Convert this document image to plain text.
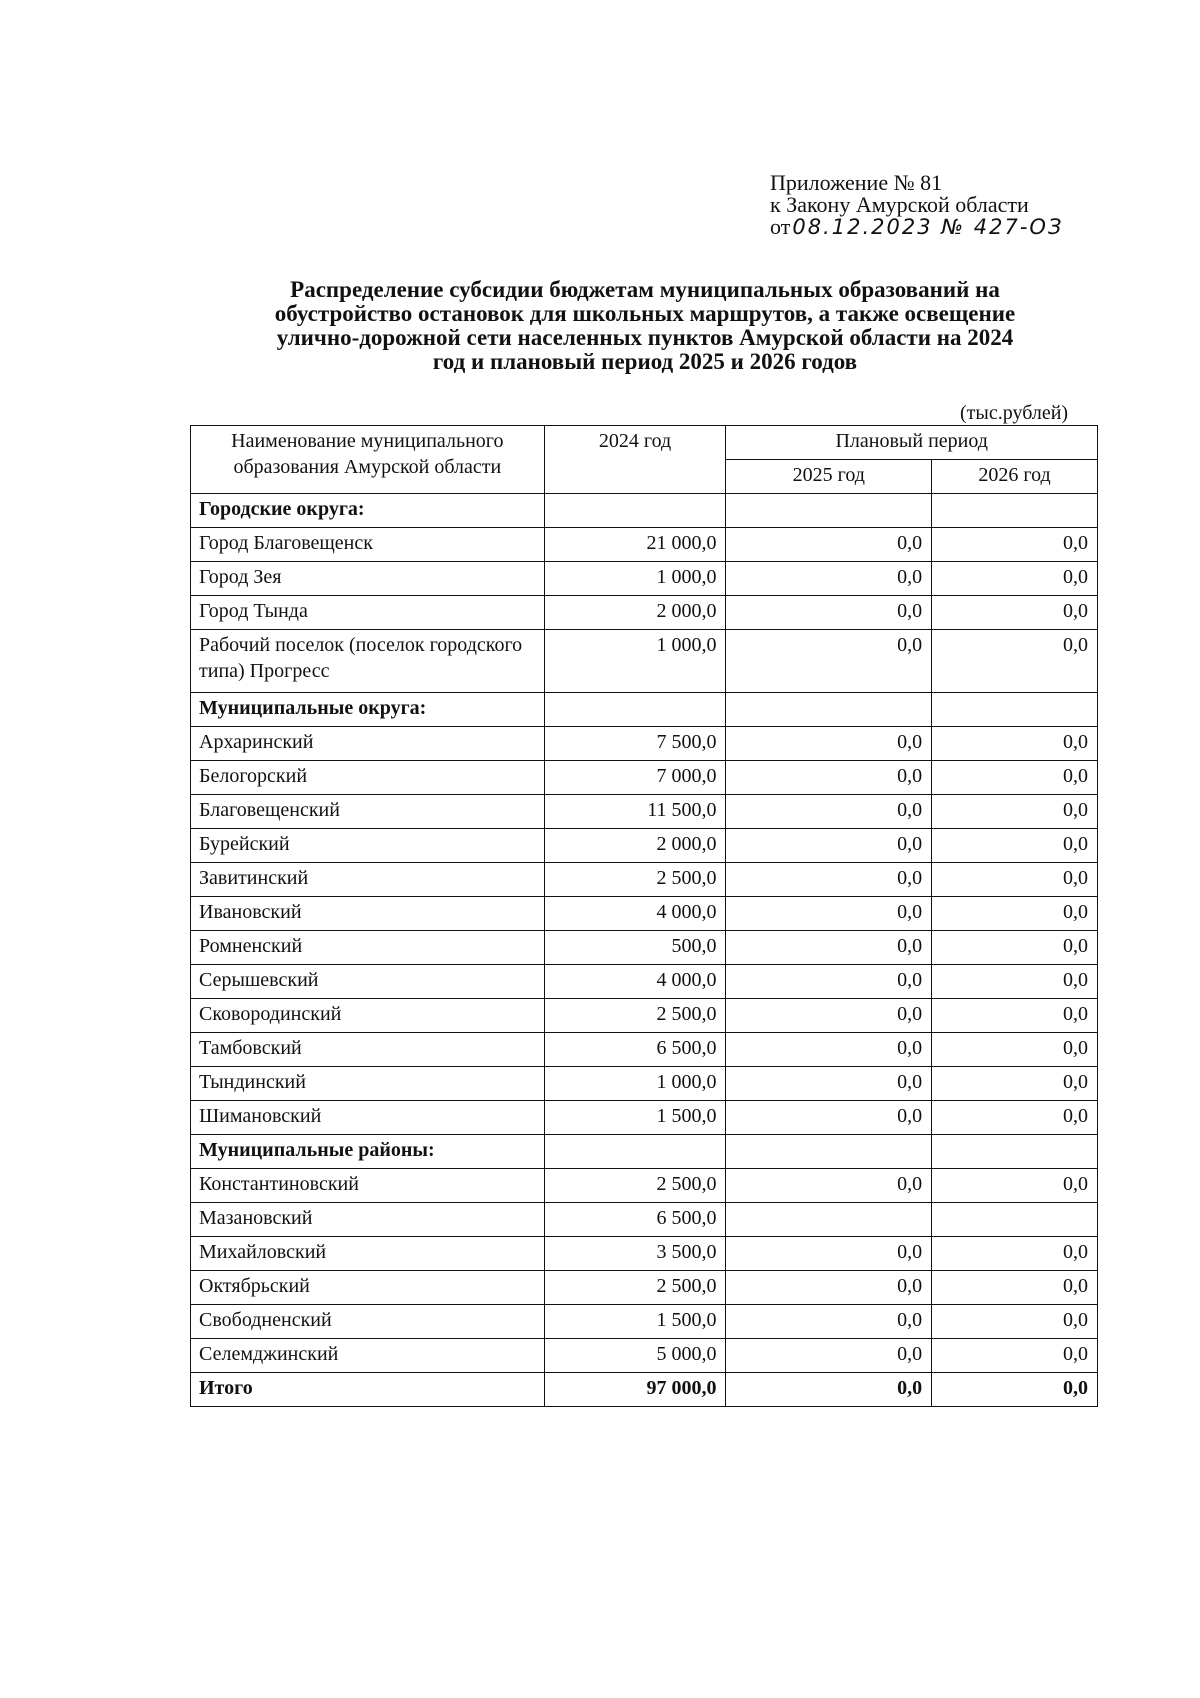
Приложение № 81
к Закону Амурской области
от08.12.2023 № 427-ОЗ
Распределение субсидии бюджетам муниципальных образований на
обустройство остановок для школьных маршрутов, а также освещение
улично-дорожной сети населенных пунктов Амурской области на 2024
год и плановый период 2025 и 2026 годов
(тыс.рублей)
Наименование муниципального образования Амурской области	2024 год	Плановый период	
		2025 год	2026 год
Городские округа:			
Город Благовещенск	21 000,0	0,0	0,0
Город Зея	1 000,0	0,0	0,0
Город Тында	2 000,0	0,0	0,0
Рабочий поселок (поселок городского типа) Прогресс	1 000,0	0,0	0,0
Муниципальные округа:			
Архаринский	7 500,0	0,0	0,0
Белогорский	7 000,0	0,0	0,0
Благовещенский	11 500,0	0,0	0,0
Бурейский	2 000,0	0,0	0,0
Завитинский	2 500,0	0,0	0,0
Ивановский	4 000,0	0,0	0,0
Ромненский	500,0	0,0	0,0
Серышевский	4 000,0	0,0	0,0
Сковородинский	2 500,0	0,0	0,0
Тамбовский	6 500,0	0,0	0,0
Тындинский	1 000,0	0,0	0,0
Шимановский	1 500,0	0,0	0,0
Муниципальные районы:			
Константиновский	2 500,0	0,0	0,0
Мазановский	6 500,0		
Михайловский	3 500,0	0,0	0,0
Октябрьский	2 500,0	0,0	0,0
Свободненский	1 500,0	0,0	0,0
Селемджинский	5 000,0	0,0	0,0
Итого	97 000,0	0,0	0,0
